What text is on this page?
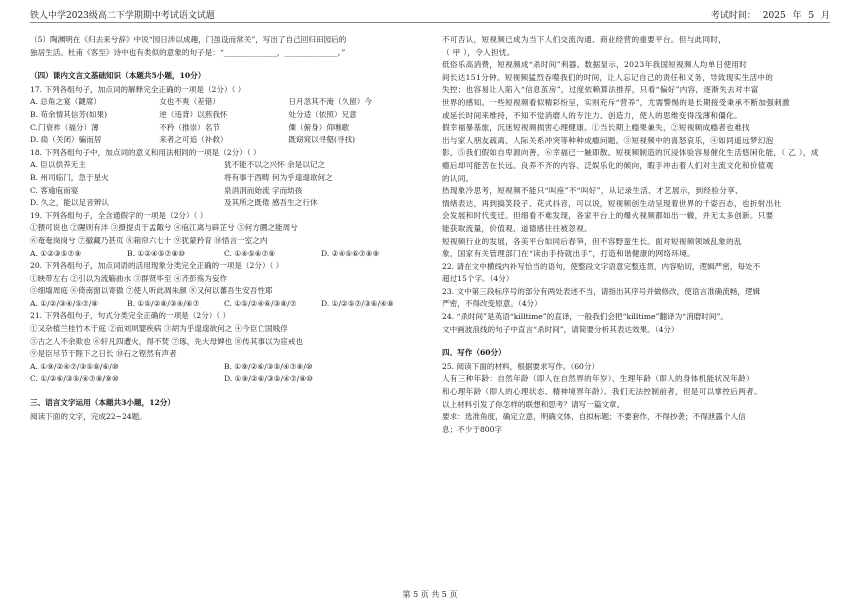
铁人中学2023级高二下学期期中考试语文试题	考试时间： 2025 年 5 月
（5）陶渊明在《归去来兮辞》中说“园日涉以成趣，门虽设而常关”，写出了自己回归田园后的
独居生活。杜甫《客至》诗中也有类似的意象的句子是：“______________，______________。”
（四）课内文言文基础知识（本题共5小题，10分）
17. 下列各组句子，加点词的解释完全正确的一项是（2分）（ ）
A. 总角之宴（鍵席）	女也不爽（差错）	日月忽其不淹（久留）今
B. 苟余情其信芳(如果)	逆（违背）以煎我怀	处分适（依照）兄意
C.门衰祚（福分）薄	不矜（推崇）名节	傈（俯身）仰噍歌
D. 扃（关闭）骗而居	来者之可追（补救）	既窈窕以寻壑(寻找)
18. 下列各组句子中，加点词的意义和用法相同的一项是（2分）（ ）
A. 臣以供养无主	犹不能不以之兴怀 余是以记之
B. 州司临门，急于星火	将有事于西畴 何为乎遑遑欲何之
C. 客逾庖而宴	泉涓涓而始流 字而幼孩
D. 久之，能以足音辨认	及其所之既倦 感吾生之行休
19. 下列各组句子，全含通假字的一项是（2分）（ ）
①猥可说也 ②隰则有泮 ③摄提贞于孟陬兮 ④庖江离与辟芷兮 ⑤何方圜之能周兮
⑥奄奄岗岗兮 ⑦撤藏乃甚页 ⑧箱帘六七十 ⑨犹蒙矜育 ⑩悟言一室之内
A. ①②③⑤⑦⑨	B. ①②④⑤⑦⑧⑩	C. ①④⑤⑥⑦⑧	D. ②④⑤⑥⑦⑧⑨
20. 下列各组句子，加点词语的活用现象分类完全正确的一项是（2分）（ ）
①映带左右 ②引以为流觞曲水 ③群贤毕至 ④齐彭殇为妄作
⑤细墙周庭 ⑥倚南窗以寄傲 ⑦使人听此凋朱颜 ⑧又何以蕃吾生安吾性耶
A. ①/②/③④/⑤⑦/⑧	B. ①⑤/②⑧/③④/⑥⑦	C. ①⑤/②④⑥/③⑧/⑦	D. ①/②⑤⑦/③⑥/④⑧
21. 下列各组句子，句式分类完全正确的一项是（2分）（ ）
①又杂植兰桂竹木于庭 ②而刘夙婴疾病 ③胡为乎遑遑欲何之 ④今臣亡国贱俘
⑤古之人不余欺也 ⑥轩凡四遭火，得不焚 ⑦琢，先大母婢也 ⑧传其事以为宦戒也
⑨是臣尽节于陛下之日长 ⑩石之铿然有声者
A. ①⑨/②④⑦/③⑤⑧/⑥/⑩	B. ①⑨/②⑥/③⑤/④⑦⑧/⑩
C. ①/②⑥/③⑤/④⑦⑧/⑨⑩	D. ①⑨/②⑥/③⑤/④⑦/⑧⑩
三、语言文字运用（本题共3小题，12分）
阅读下面的文字，完成22~24题。
不可否认，短视频已成为当下人们交流沟通、商业经营的重要平台。但与此同时，
（ 甲 ），令人担忧。
低俗乐高消费，短视频成“杀时间”利器。数据显示，2023年我国短视频人均单日使用时
间长达151分钟。短视频猛烈吞噬我们的时间，让人忘记自己的责任和义务，导致现实生活中的
失控；也容易让人陷入“信息茧房”，过度依赖算法推荐，只看“偏好”内容，逐渐失去对丰富
世界的感知。一些短视频看似精彩纷呈，实则充斥“营养”，尤需警惕的是长期接受秉承不断加强刺激
或延长时间来维持，不知不觉消磨人的专注力、创造力，使人的思维变得浅薄和僵化。
假幸福暴基旅，沉迷短视频损害心理健康。①当长期上瘾果兼失，②短视频成瘾者也难找
出与家人朋友疏离、人际关系冲突等种种成瘾问题。③短视频中的喜怒哀乐，④如同遥远梦幻泡
影，⑤我们假如自卑源向善，⑥幸福已一触即散。短视频制造的沉浸体验容易催化生活悠闲化能，（ 乙 ），成
瘾后却可能苦在长远。良养不齐的内容、泛娱乐化的倾向，暇手冲击着人们对主流文化和价值观
的认同。
热现象冷思考，短视频不能只“叫座”不“叫好”，从记录生活、才艺展示，到经验分享、
情绪表达，再到搞笑段子、花式抖音，可以说，短视频创生动呈现着世界的千姿百态，也折射出社
会发展和时代变迁。但细看不难发现，各家平台上的爆火视频都如出一辙，并无太多创新。只要
能获取流量，价值观、道德感往往被忽视。
短视频行业的发展，各美平台如同后春笋，但不容野蛮生长。面对短视频领域乱象的乱
象，国家有关管理部门在“读由手持就出手”，打造和谐健康的网络环境。
22. 请在文中横线内补写恰当的语句，使整段文字语意完整连贯，内容贴切，逻辑严密，每处不
超过15个字。（4分）
23. 文中第三段标序号的部分有两处表述不当，请指出其序号并做修改，使语言准确流畅，逻辑
严密，不得改变原意。（4分）
24. “杀时间”是英语“killtime”的直译，一般我们会把“killtime”翻译为“消磨时间”。
文中画波浪线的句子中直言“杀时间”，请简要分析其表达效果。（4分）
四、写作（60分）
25. 阅读下面的材料，根据要求写作。（60分）
人有三种年龄：自然年龄（即人在自然界的年岁）、生理年龄（即人的身体机能状况年龄）
和心理年龄（即人的心理状态、精神境界年龄）。我们无法控制前者，但是可以掌控后两者。
以上材料引发了你怎样的联想和思考？请写一篇文章。
要求：选准角度，确定立意，明确文体，自拟标题；不要套作，不得抄袭；不得泄露个人信
息；不少于800字
第 5 页 共 5 页
